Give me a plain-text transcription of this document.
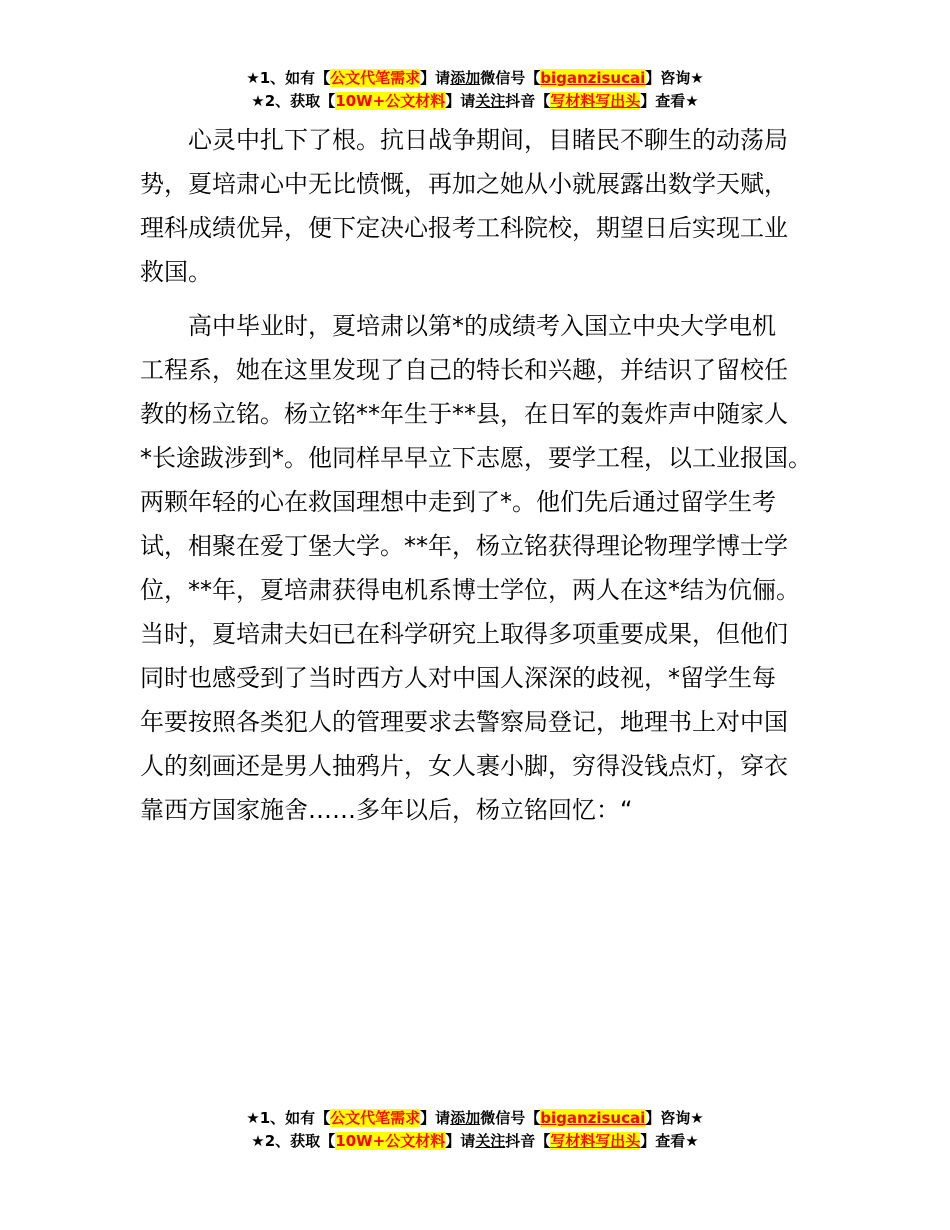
★1、如有【公文代笔需求】请添加微信号【biganzisucai】咨询★
★2、获取【10W+公文材料】请关注抖音【写材料写出头】查看★

心灵中扎下了根。抗日战争期间，目睹民不聊生的动荡局
势，夏培肃心中无比愤慨，再加之她从小就展露出数学天赋，
理科成绩优异，便下定决心报考工科院校，期望日后实现工业
救国。

高中毕业时，夏培肃以第*的成绩考入国立中央大学电机
工程系，她在这里发现了自己的特长和兴趣，并结识了留校任
教的杨立铭。杨立铭**年生于**县，在日军的轰炸声中随家人
*长途跋涉到*。他同样早早立下志愿，要学工程，以工业报国。
两颗年轻的心在救国理想中走到了*。他们先后通过留学生考
试，相聚在爱丁堡大学。**年，杨立铭获得理论物理学博士学
位，**年，夏培肃获得电机系博士学位，两人在这*结为伉俪。
当时，夏培肃夫妇已在科学研究上取得多项重要成果，但他们
同时也感受到了当时西方人对中国人深深的歧视，*留学生每
年要按照各类犯人的管理要求去警察局登记，地理书上对中国
人的刻画还是男人抽鸦片，女人裹小脚，穷得没钱点灯，穿衣
靠西方国家施舍……多年以后，杨立铭回忆：“

★1、如有【公文代笔需求】请添加微信号【biganzisucai】咨询★
★2、获取【10W+公文材料】请关注抖音【写材料写出头】查看★
